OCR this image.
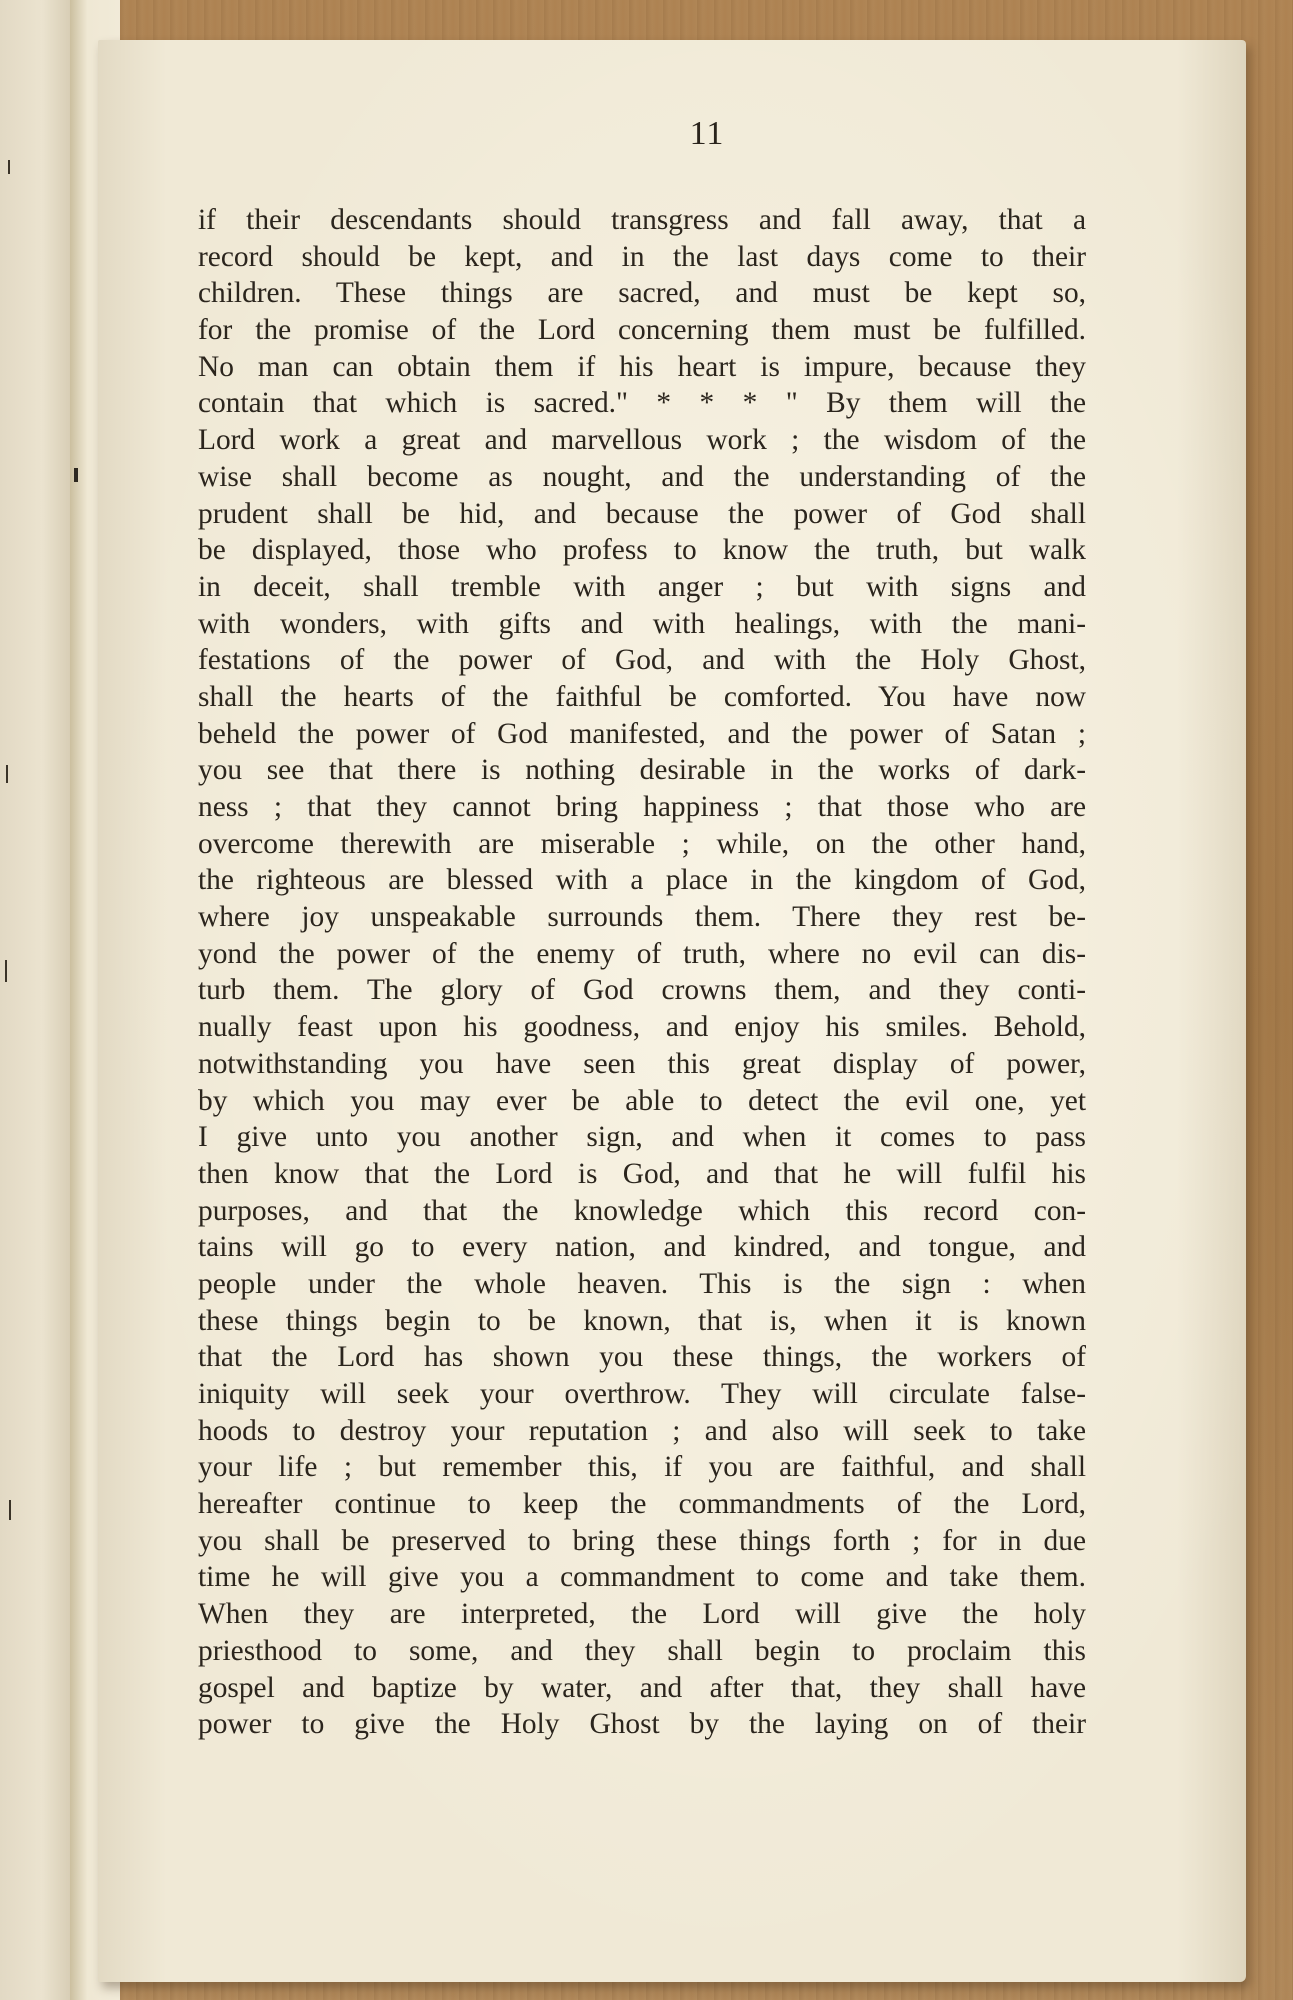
11
if their descendants should transgress and fall away, that a
record should be kept, and in the last days come to their
children. These things are sacred, and must be kept so,
for the promise of the Lord concerning them must be fulfilled.
No man can obtain them if his heart is impure, because they
contain that which is sacred." * * * " By them will the
Lord work a great and marvellous work ; the wisdom of the
wise shall become as nought, and the understanding of the
prudent shall be hid, and because the power of God shall
be displayed, those who profess to know the truth, but walk
in deceit, shall tremble with anger ; but with signs and
with wonders, with gifts and with healings, with the mani-
festations of the power of God, and with the Holy Ghost,
shall the hearts of the faithful be comforted. You have now
beheld the power of God manifested, and the power of Satan ;
you see that there is nothing desirable in the works of dark-
ness ; that they cannot bring happiness ; that those who are
overcome therewith are miserable ; while, on the other hand,
the righteous are blessed with a place in the kingdom of God,
where joy unspeakable surrounds them. There they rest be-
yond the power of the enemy of truth, where no evil can dis-
turb them. The glory of God crowns them, and they conti-
nually feast upon his goodness, and enjoy his smiles. Behold,
notwithstanding you have seen this great display of power,
by which you may ever be able to detect the evil one, yet
I give unto you another sign, and when it comes to pass
then know that the Lord is God, and that he will fulfil his
purposes, and that the knowledge which this record con-
tains will go to every nation, and kindred, and tongue, and
people under the whole heaven. This is the sign : when
these things begin to be known, that is, when it is known
that the Lord has shown you these things, the workers of
iniquity will seek your overthrow. They will circulate false-
hoods to destroy your reputation ; and also will seek to take
your life ; but remember this, if you are faithful, and shall
hereafter continue to keep the commandments of the Lord,
you shall be preserved to bring these things forth ; for in due
time he will give you a commandment to come and take them.
When they are interpreted, the Lord will give the holy
priesthood to some, and they shall begin to proclaim this
gospel and baptize by water, and after that, they shall have
power to give the Holy Ghost by the laying on of their
